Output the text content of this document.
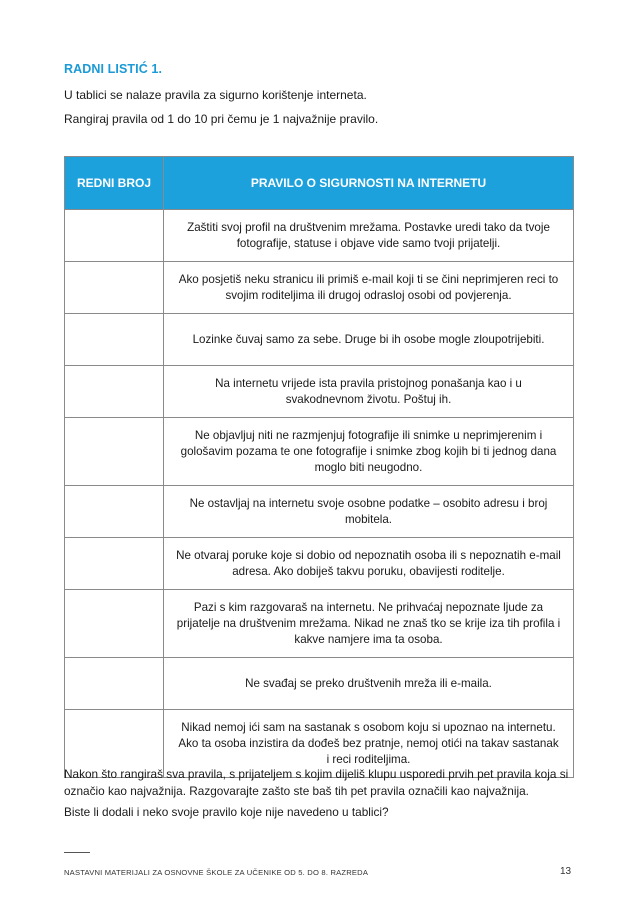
RADNI LISTIĆ 1.
U tablici se nalaze pravila za sigurno korištenje interneta.
Rangiraj pravila od 1 do 10 pri čemu je 1 najvažnije pravilo.
REDNI BROJ	PRAVILO O SIGURNOSTI NA INTERNETU
	Zaštiti svoj profil na društvenim mrežama. Postavke uredi tako da tvoje fotografije, statuse i objave vide samo tvoji prijatelji.
	Ako posjetiš neku stranicu ili primiš e-mail koji ti se čini neprimjeren reci to svojim roditeljima ili drugoj odrasloj osobi od povjerenja.
	Lozinke čuvaj samo za sebe. Druge bi ih osobe mogle zloupotrijebiti.
	Na internetu vrijede ista pravila pristojnog ponašanja kao i u svakodnevnom životu. Poštuj ih.
	Ne objavljuj niti ne razmjenjuj fotografije ili snimke u neprimjerenim i gološavim pozama te one fotografije i snimke zbog kojih bi ti jednog dana moglo biti neugodno.
	Ne ostavljaj na internetu svoje osobne podatke – osobito adresu i broj mobitela.
	Ne otvaraj poruke koje si dobio od nepoznatih osoba ili s nepoznatih e-mail adresa. Ako dobiješ takvu poruku, obavijesti roditelje.
	Pazi s kim razgovaraš na internetu. Ne prihvaćaj nepoznate ljude za prijatelje na društvenim mrežama. Nikad ne znaš tko se krije iza tih profila i kakve namjere ima ta osoba.
	Ne svađaj se preko društvenih mreža ili e-maila.
	Nikad nemoj ići sam na sastanak s osobom koju si upoznao na internetu. Ako ta osoba inzistira da dođeš bez pratnje, nemoj otići na takav sastanak i reci roditeljima.
Nakon što rangiraš sva pravila, s prijateljem s kojim dijeliš klupu usporedi prvih pet pravila koja si označio kao najvažnija. Razgovarajte zašto ste baš tih pet pravila označili kao najvažnija.
Biste li dodali i neko svoje pravilo koje nije navedeno u tablici?
NASTAVNI MATERIJALI ZA OSNOVNE ŠKOLE ZA UČENIKE OD 5. DO 8. RAZREDA	13
